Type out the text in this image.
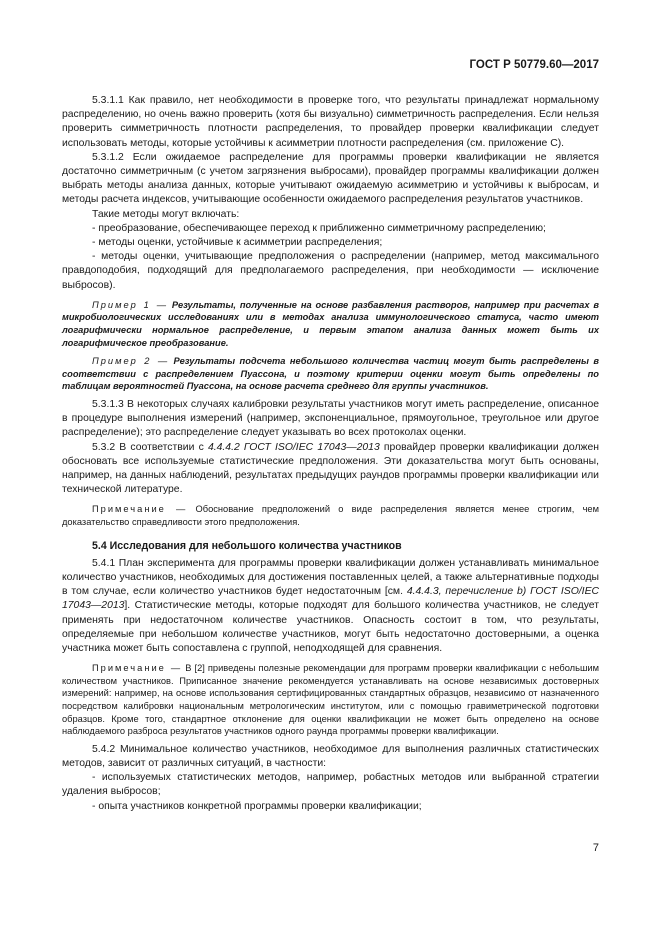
ГОСТ Р 50779.60—2017

5.3.1.1 Как правило, нет необходимости в проверке того, что результаты принадлежат нормальному распределению, но очень важно проверить (хотя бы визуально) симметричность распределения. Если нельзя проверить симметричность плотности распределения, то провайдер проверки квалификации следует использовать методы, которые устойчивы к асимметрии плотности распределения (см. приложение С).

5.3.1.2 Если ожидаемое распределение для программы проверки квалификации не является достаточно симметричным (с учетом загрязнения выбросами), провайдер программы квалификации должен выбрать методы анализа данных, которые учитывают ожидаемую асимметрию и устойчивы к выбросам, и методы расчета индексов, учитывающие особенности ожидаемого распределения результатов участников.

Такие методы могут включать:

- преобразование, обеспечивающее переход к приближенно симметричному распределению;

- методы оценки, устойчивые к асимметрии распределения;

- методы оценки, учитывающие предположения о распределении (например, метод максимального правдоподобия, подходящий для предполагаемого распределения, при необходимости — исключение выбросов).

Пример 1 — Результаты, полученные на основе разбавления растворов, например при расчетах в микробиологических исследованиях или в методах анализа иммунологического статуса, часто имеют логарифмически нормальное распределение, и первым этапом анализа данных может быть их логарифмическое преобразование.

Пример 2 — Результаты подсчета небольшого количества частиц могут быть распределены в соответствии с распределением Пуассона, и поэтому критерии оценки могут быть определены по таблицам вероятностей Пуассона, на основе расчета среднего для группы участников.

5.3.1.3 В некоторых случаях калибровки результаты участников могут иметь распределение, описанное в процедуре выполнения измерений (например, экспоненциальное, прямоугольное, треугольное или другое распределение); это распределение следует указывать во всех протоколах оценки.

5.3.2 В соответствии с 4.4.4.2 ГОСТ ISO/IEC 17043—2013 провайдер проверки квалификации должен обосновать все используемые статистические предположения. Эти доказательства могут быть основаны, например, на данных наблюдений, результатах предыдущих раундов программы проверки квалификации или технической литературе.

Примечание — Обоснование предположений о виде распределения является менее строгим, чем доказательство справедливости этого предположения.

5.4 Исследования для небольшого количества участников

5.4.1 План эксперимента для программы проверки квалификации должен устанавливать минимальное количество участников, необходимых для достижения поставленных целей, а также альтернативные подходы в том случае, если количество участников будет недостаточным [см. 4.4.4.3, перечисление b) ГОСТ ISO/IEC 17043—2013]. Статистические методы, которые подходят для большого количества участников, не следует применять при недостаточном количестве участников. Опасность состоит в том, что результаты, определяемые при небольшом количестве участников, могут быть недостаточно достоверными, а оценка участника может быть сопоставлена с группой, неподходящей для сравнения.

Примечание — В [2] приведены полезные рекомендации для программ проверки квалификации с небольшим количеством участников. Приписанное значение рекомендуется устанавливать на основе независимых достоверных измерений: например, на основе использования сертифицированных стандартных образцов, независимо от назначенного посредством калибровки национальным метрологическим институтом, или с помощью гравиметрической подготовки образцов. Кроме того, стандартное отклонение для оценки квалификации не может быть определено на основе наблюдаемого разброса результатов участников одного раунда программы проверки квалификации.

5.4.2 Минимальное количество участников, необходимое для выполнения различных статистических методов, зависит от различных ситуаций, в частности:

- используемых статистических методов, например, робастных методов или выбранной стратегии удаления выбросов;

- опыта участников конкретной программы проверки квалификации;

7
